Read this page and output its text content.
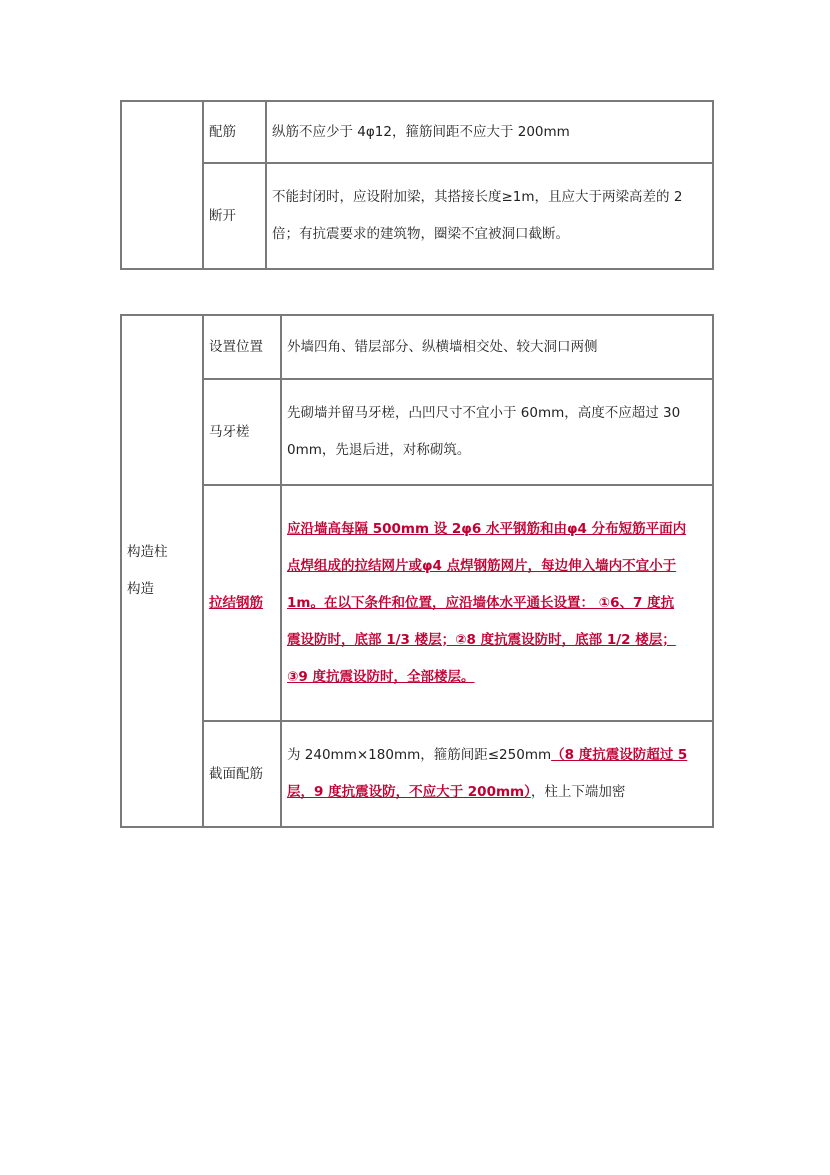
	配筋	纵筋不应少于 4φ12，箍筋间距不应大于 200mm
	断开	不能封闭时，应设附加梁，其搭接长度≥1m，且应大于两梁高差的 2
倍；有抗震要求的建筑物，圈梁不宜被洞口截断。
构造柱
构造	设置位置	外墙四角、错层部分、纵横墙相交处、较大洞口两侧
	马牙槎	先砌墙并留马牙槎，凸凹尺寸不宜小于 60mm，高度不应超过 30
0mm，先退后进，对称砌筑。

	拉结钢筋	应沿墙高每隔 500mm 设 2φ6 水平钢筋和由φ4 分布短筋平面内
点焊组成的拉结网片或φ4 点焊钢筋网片，每边伸入墙内不宜小于
1m。在以下条件和位置，应沿墙体水平通长设置： ①6、7 度抗
震设防时，底部 1/3 楼层；②8 度抗震设防时，底部 1/2 楼层；
③9 度抗震设防时，全部楼层。

	截面配筋	为 240mm×180mm，箍筋间距≤250mm（8 度抗震设防超过 5
层，9 度抗震设防，不应大于 200mm），柱上下端加密
